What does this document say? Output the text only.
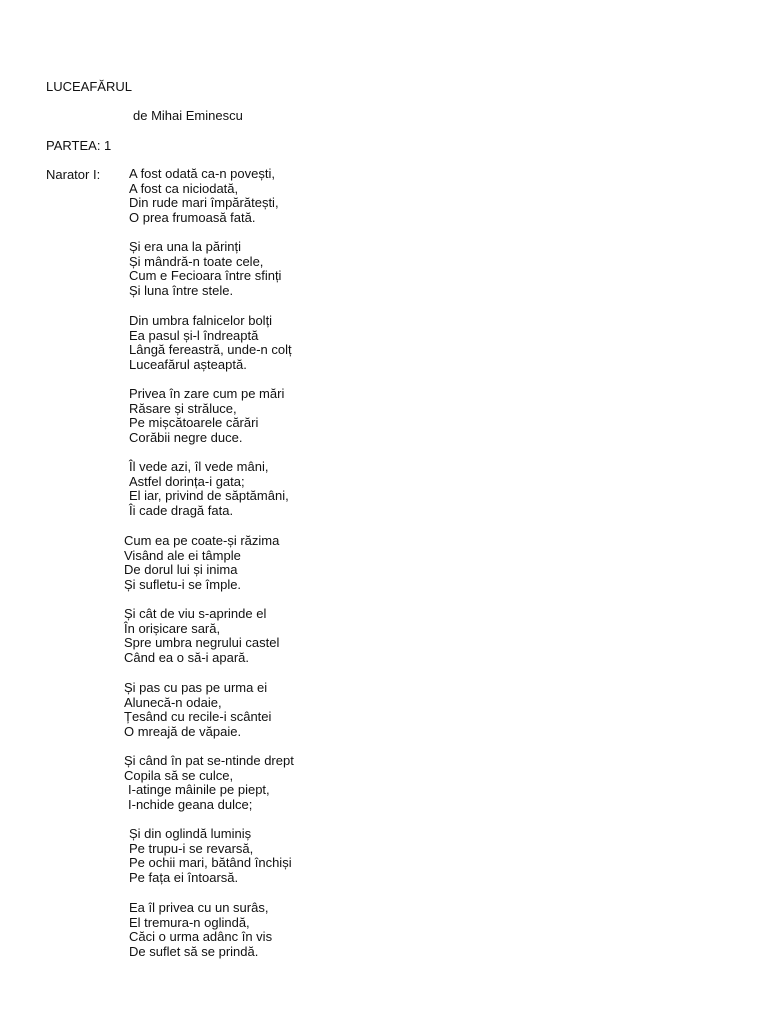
LUCEAFĂRUL
de Mihai Eminescu
PARTEA: 1
Narator I: A fost odată ca-n povești,
A fost ca niciodată,
Din rude mari împărătești,
O prea frumoasă fată.
Și era una la părinți
Și mândră-n toate cele,
Cum e Fecioara între sfinți
Și luna între stele.
Din umbra falnicelor bolți
Ea pasul și-l îndreaptă
Lângă fereastră, unde-n colț
Luceafărul așteaptă.
Privea în zare cum pe mări
Răsare și străluce,
Pe mișcătoarele cărări
Corăbii negre duce.
Îl vede azi, îl vede mâni,
Astfel dorința-i gata;
El iar, privind de săptămâni,
Îi cade dragă fata.
Cum ea pe coate-și răzima
Visând ale ei tâmple
De dorul lui și inima
Și sufletu-i se împle.
Și cât de viu s-aprinde el
În orișicare sară,
Spre umbra negrului castel
Când ea o să-i apară.
Și pas cu pas pe urma ei
Alunecă-n odaie,
Țesând cu recile-i scântei
O mreajă de văpaie.
Și când în pat se-ntinde drept
Copila să se culce,
I-atinge mâinile pe piept,
I-nchide geana dulce;
Și din oglindă luminiș
Pe trupu-i se revarsă,
Pe ochii mari, bătând închiși
Pe fața ei întoarsă.
Ea îl privea cu un surâs,
El tremura-n oglindă,
Căci o urma adânc în vis
De suflet să se prindă.
